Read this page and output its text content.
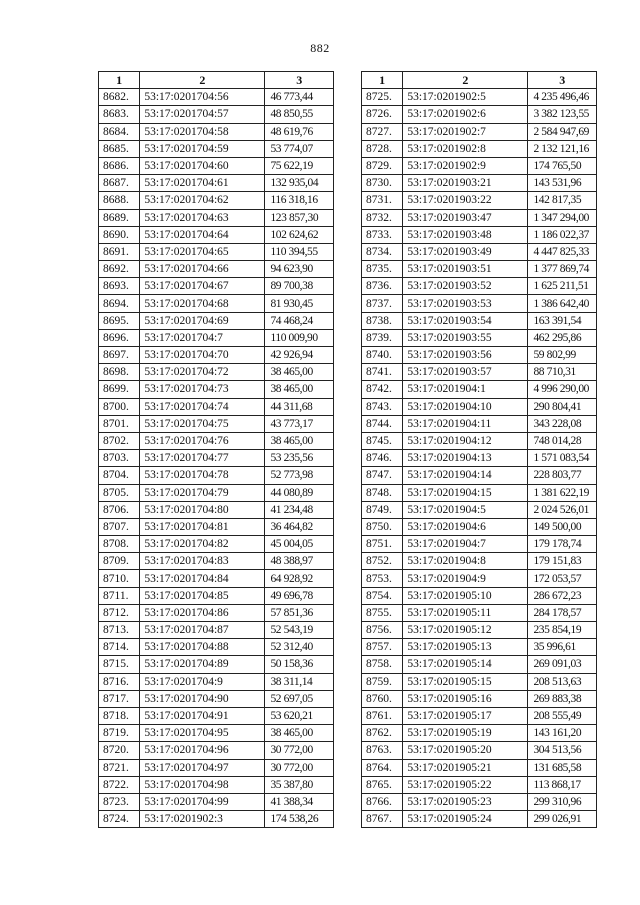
882
1	2	3
8682.	53:17:0201704:56	46 773,44
8683.	53:17:0201704:57	48 850,55
8684.	53:17:0201704:58	48 619,76
8685.	53:17:0201704:59	53 774,07
8686.	53:17:0201704:60	75 622,19
8687.	53:17:0201704:61	132 935,04
8688.	53:17:0201704:62	116 318,16
8689.	53:17:0201704:63	123 857,30
8690.	53:17:0201704:64	102 624,62
8691.	53:17:0201704:65	110 394,55
8692.	53:17:0201704:66	94 623,90
8693.	53:17:0201704:67	89 700,38
8694.	53:17:0201704:68	81 930,45
8695.	53:17:0201704:69	74 468,24
8696.	53:17:0201704:7	110 009,90
8697.	53:17:0201704:70	42 926,94
8698.	53:17:0201704:72	38 465,00
8699.	53:17:0201704:73	38 465,00
8700.	53:17:0201704:74	44 311,68
8701.	53:17:0201704:75	43 773,17
8702.	53:17:0201704:76	38 465,00
8703.	53:17:0201704:77	53 235,56
8704.	53:17:0201704:78	52 773,98
8705.	53:17:0201704:79	44 080,89
8706.	53:17:0201704:80	41 234,48
8707.	53:17:0201704:81	36 464,82
8708.	53:17:0201704:82	45 004,05
8709.	53:17:0201704:83	48 388,97
8710.	53:17:0201704:84	64 928,92
8711.	53:17:0201704:85	49 696,78
8712.	53:17:0201704:86	57 851,36
8713.	53:17:0201704:87	52 543,19
8714.	53:17:0201704:88	52 312,40
8715.	53:17:0201704:89	50 158,36
8716.	53:17:0201704:9	38 311,14
8717.	53:17:0201704:90	52 697,05
8718.	53:17:0201704:91	53 620,21
8719.	53:17:0201704:95	38 465,00
8720.	53:17:0201704:96	30 772,00
8721.	53:17:0201704:97	30 772,00
8722.	53:17:0201704:98	35 387,80
8723.	53:17:0201704:99	41 388,34
8724.	53:17:0201902:3	174 538,26
1	2	3
8725.	53:17:0201902:5	4 235 496,46
8726.	53:17:0201902:6	3 382 123,55
8727.	53:17:0201902:7	2 584 947,69
8728.	53:17:0201902:8	2 132 121,16
8729.	53:17:0201902:9	174 765,50
8730.	53:17:0201903:21	143 531,96
8731.	53:17:0201903:22	142 817,35
8732.	53:17:0201903:47	1 347 294,00
8733.	53:17:0201903:48	1 186 022,37
8734.	53:17:0201903:49	4 447 825,33
8735.	53:17:0201903:51	1 377 869,74
8736.	53:17:0201903:52	1 625 211,51
8737.	53:17:0201903:53	1 386 642,40
8738.	53:17:0201903:54	163 391,54
8739.	53:17:0201903:55	462 295,86
8740.	53:17:0201903:56	59 802,99
8741.	53:17:0201903:57	88 710,31
8742.	53:17:0201904:1	4 996 290,00
8743.	53:17:0201904:10	290 804,41
8744.	53:17:0201904:11	343 228,08
8745.	53:17:0201904:12	748 014,28
8746.	53:17:0201904:13	1 571 083,54
8747.	53:17:0201904:14	228 803,77
8748.	53:17:0201904:15	1 381 622,19
8749.	53:17:0201904:5	2 024 526,01
8750.	53:17:0201904:6	149 500,00
8751.	53:17:0201904:7	179 178,74
8752.	53:17:0201904:8	179 151,83
8753.	53:17:0201904:9	172 053,57
8754.	53:17:0201905:10	286 672,23
8755.	53:17:0201905:11	284 178,57
8756.	53:17:0201905:12	235 854,19
8757.	53:17:0201905:13	35 996,61
8758.	53:17:0201905:14	269 091,03
8759.	53:17:0201905:15	208 513,63
8760.	53:17:0201905:16	269 883,38
8761.	53:17:0201905:17	208 555,49
8762.	53:17:0201905:19	143 161,20
8763.	53:17:0201905:20	304 513,56
8764.	53:17:0201905:21	131 685,58
8765.	53:17:0201905:22	113 868,17
8766.	53:17:0201905:23	299 310,96
8767.	53:17:0201905:24	299 026,91
